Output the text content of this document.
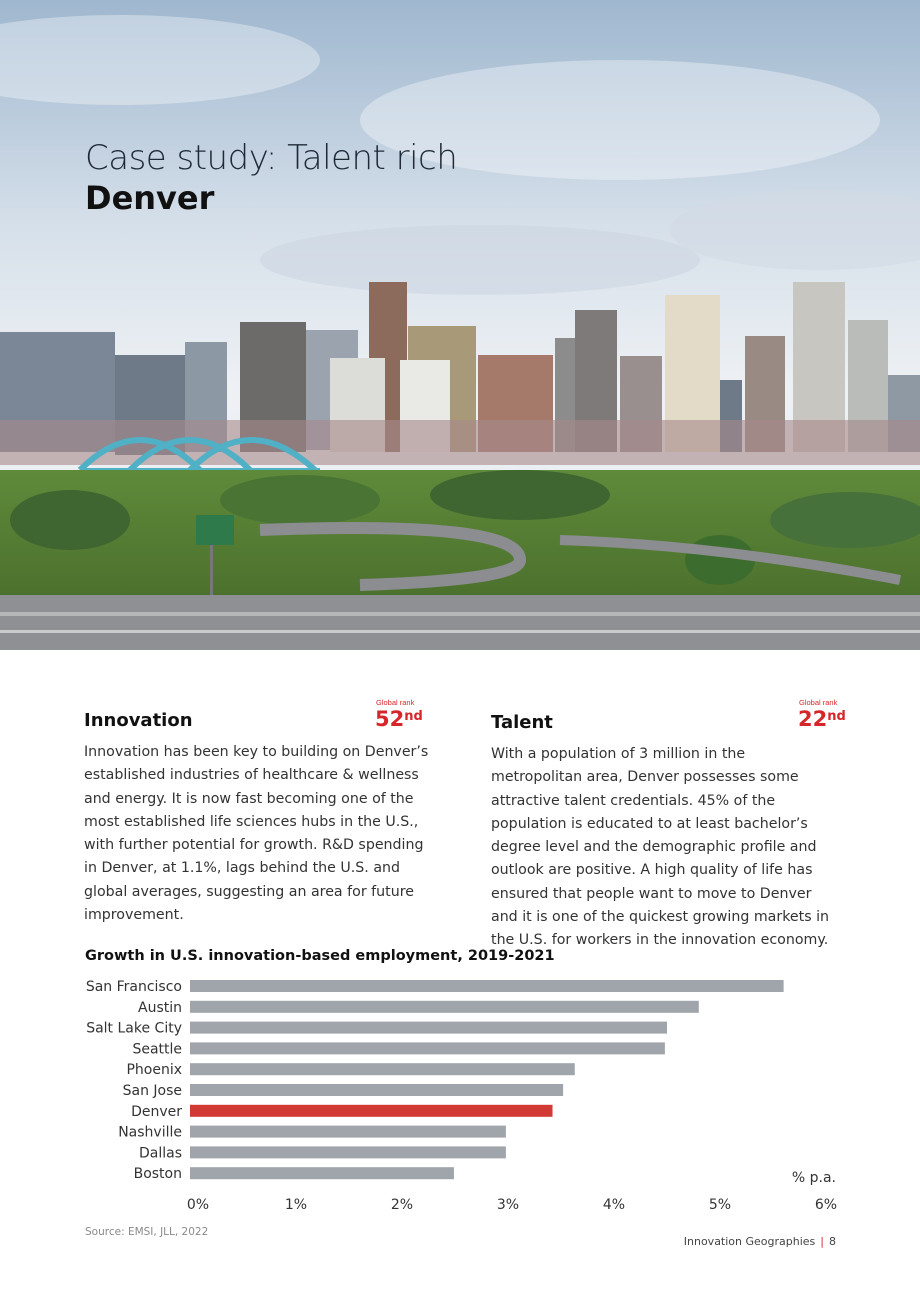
Case study: Talent rich
Denver
Global rank
52nd
Innovation

Innovation has been key to building on Denver’s established industries of healthcare & wellness and energy. It is now fast becoming one of the most established life sciences hubs in the U.S., with further potential for growth. R&D spending in Denver, at 1.1%, lags behind the U.S. and global averages, suggesting an area for future improvement.

Global rank
22nd
Talent

With a population of 3 million in the metropolitan area, Denver possesses some attractive talent credentials. 45% of the population is educated to at least bachelor’s degree level and the demographic profile and outlook are positive. A high quality of life has ensured that people want to move to Denver and it is one of the quickest growing markets in the U.S. for workers in the innovation economy.

Growth in U.S. innovation-based employment, 2019-2021
San Francisco
Austin
Salt Lake City
Seattle
Phoenix
San Jose
Denver
Nashville
Dallas
Boston
0%	1%	2%	3%	4%	5%	6%
% p.a.
Source: EMSI, JLL, 2022
Innovation Geographies | 8
